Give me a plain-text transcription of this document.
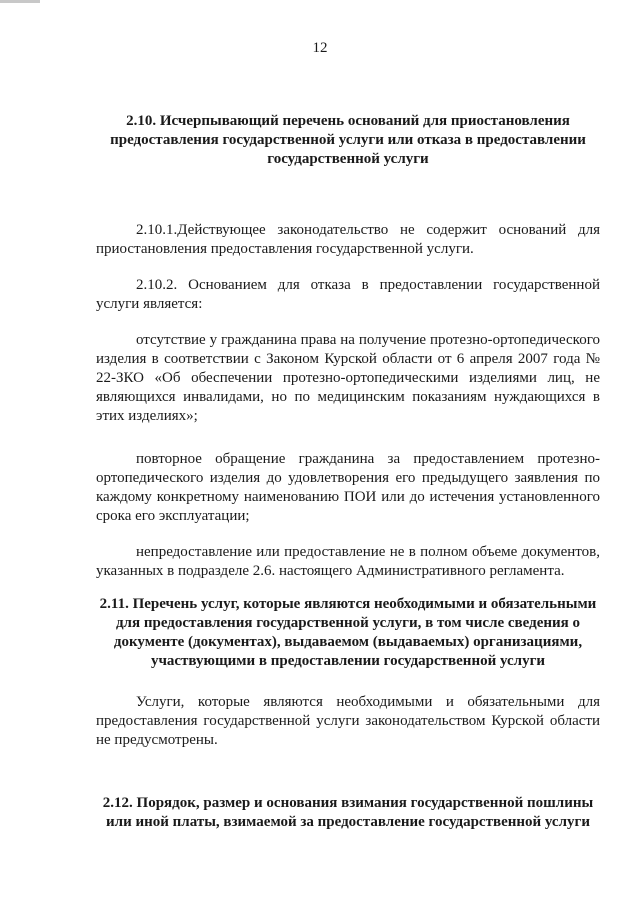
12

2.10. Исчерпывающий перечень оснований для приостановления предоставления государственной услуги или отказа в предоставлении государственной услуги

2.10.1.Действующее законодательство не содержит оснований для приостановления предоставления государственной услуги.

2.10.2. Основанием для отказа в предоставлении государственной услуги является:

отсутствие у гражданина права на получение протезно-ортопедического изделия в соответствии с Законом Курской области от 6 апреля 2007 года № 22-ЗКО «Об обеспечении протезно-ортопедическими изделиями лиц, не являющихся инвалидами, но по медицинским показаниям нуждающихся в этих изделиях»;

повторное обращение гражданина за предоставлением протезно-ортопедического изделия до удовлетворения его предыдущего заявления по каждому конкретному наименованию ПОИ или до истечения установленного срока его эксплуатации;

непредоставление или предоставление не в полном объеме документов, указанных в подразделе 2.6. настоящего Административного регламента.

2.11. Перечень услуг, которые являются необходимыми и обязательными для предоставления государственной услуги, в том числе сведения о документе (документах), выдаваемом (выдаваемых) организациями, участвующими в предоставлении государственной услуги

Услуги, которые являются необходимыми и обязательными для предоставления государственной услуги законодательством Курской области не предусмотрены.

2.12. Порядок, размер и основания взимания государственной пошлины или иной платы, взимаемой за предоставление государственной услуги
